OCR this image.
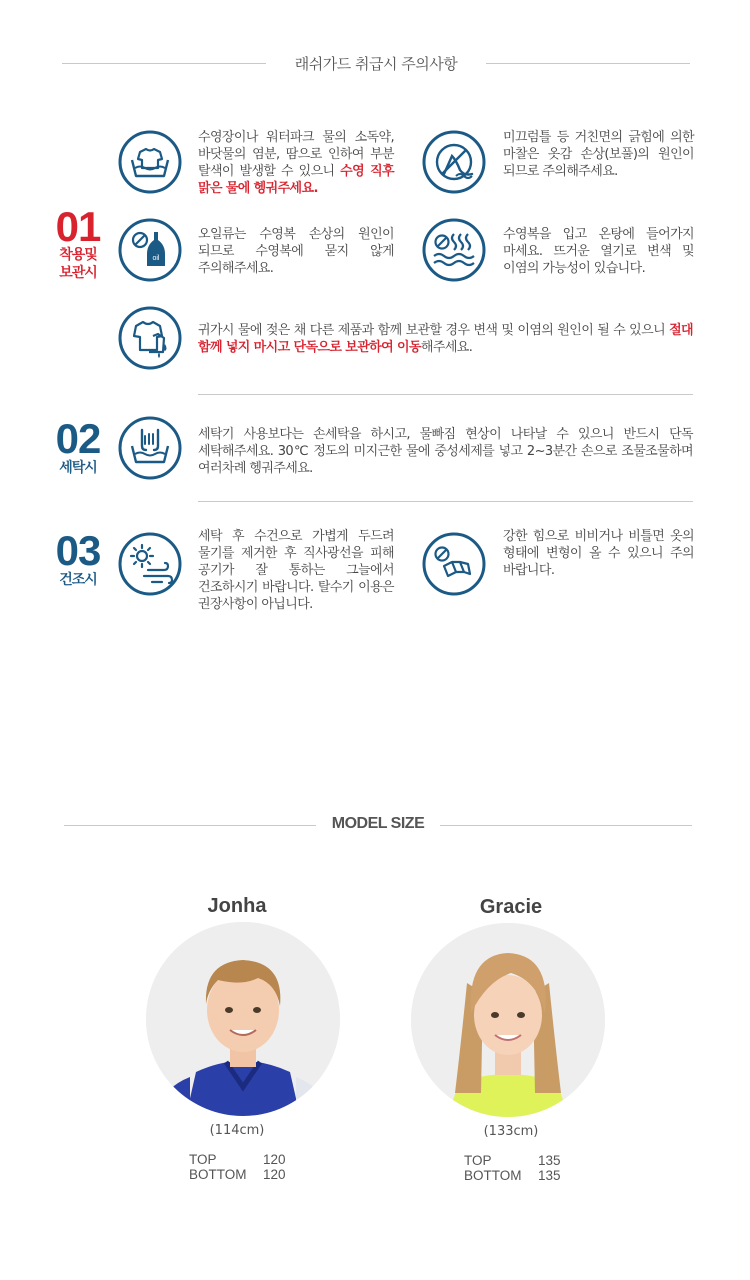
래쉬가드 취급시 주의사항
01
착용및
보관시
수영장이나 워터파크 물의 소독약, 바닷물의 염분, 땀으로 인하여 부분 탈색이 발생할 수 있으니 수영 직후 맑은 물에 헹궈주세요.
미끄럼틀 등 거친면의 긁힘에 의한 마찰은 옷감 손상(보풀)의 원인이 되므로 주의해주세요.
oil
오일류는 수영복 손상의 원인이 되므로 수영복에 묻지 않게 주의해주세요.
수영복을 입고 온탕에 들어가지 마세요. 뜨거운 열기로 변색 및 이염의 가능성이 있습니다.
귀가시 물에 젖은 채 다른 제품과 함께 보관할 경우 변색 및 이염의 원인이 될 수 있으니 절대 함께 넣지 마시고 단독으로 보관하여 이동해주세요.
02
세탁시
세탁기 사용보다는 손세탁을 하시고, 물빠짐 현상이 나타날 수 있으니 반드시 단독 세탁해주세요. 30℃ 정도의 미지근한 물에 중성세제를 넣고 2~3분간 손으로 조물조물하며 여러차례 헹궈주세요.
03
건조시
세탁 후 수건으로 가볍게 두드려 물기를 제거한 후 직사광선을 피해 공기가 잘 통하는 그늘에서 건조하시기 바랍니다. 탈수기 이용은 권장사항이 아닙니다.
강한 힘으로 비비거나 비틀면 옷의 형태에 변형이 올 수 있으니 주의 바랍니다.
MODEL SIZE
Jonha
(114cm)
TOP	120
BOTTOM 120
Gracie
(133cm)
TOP	135
BOTTOM 135
